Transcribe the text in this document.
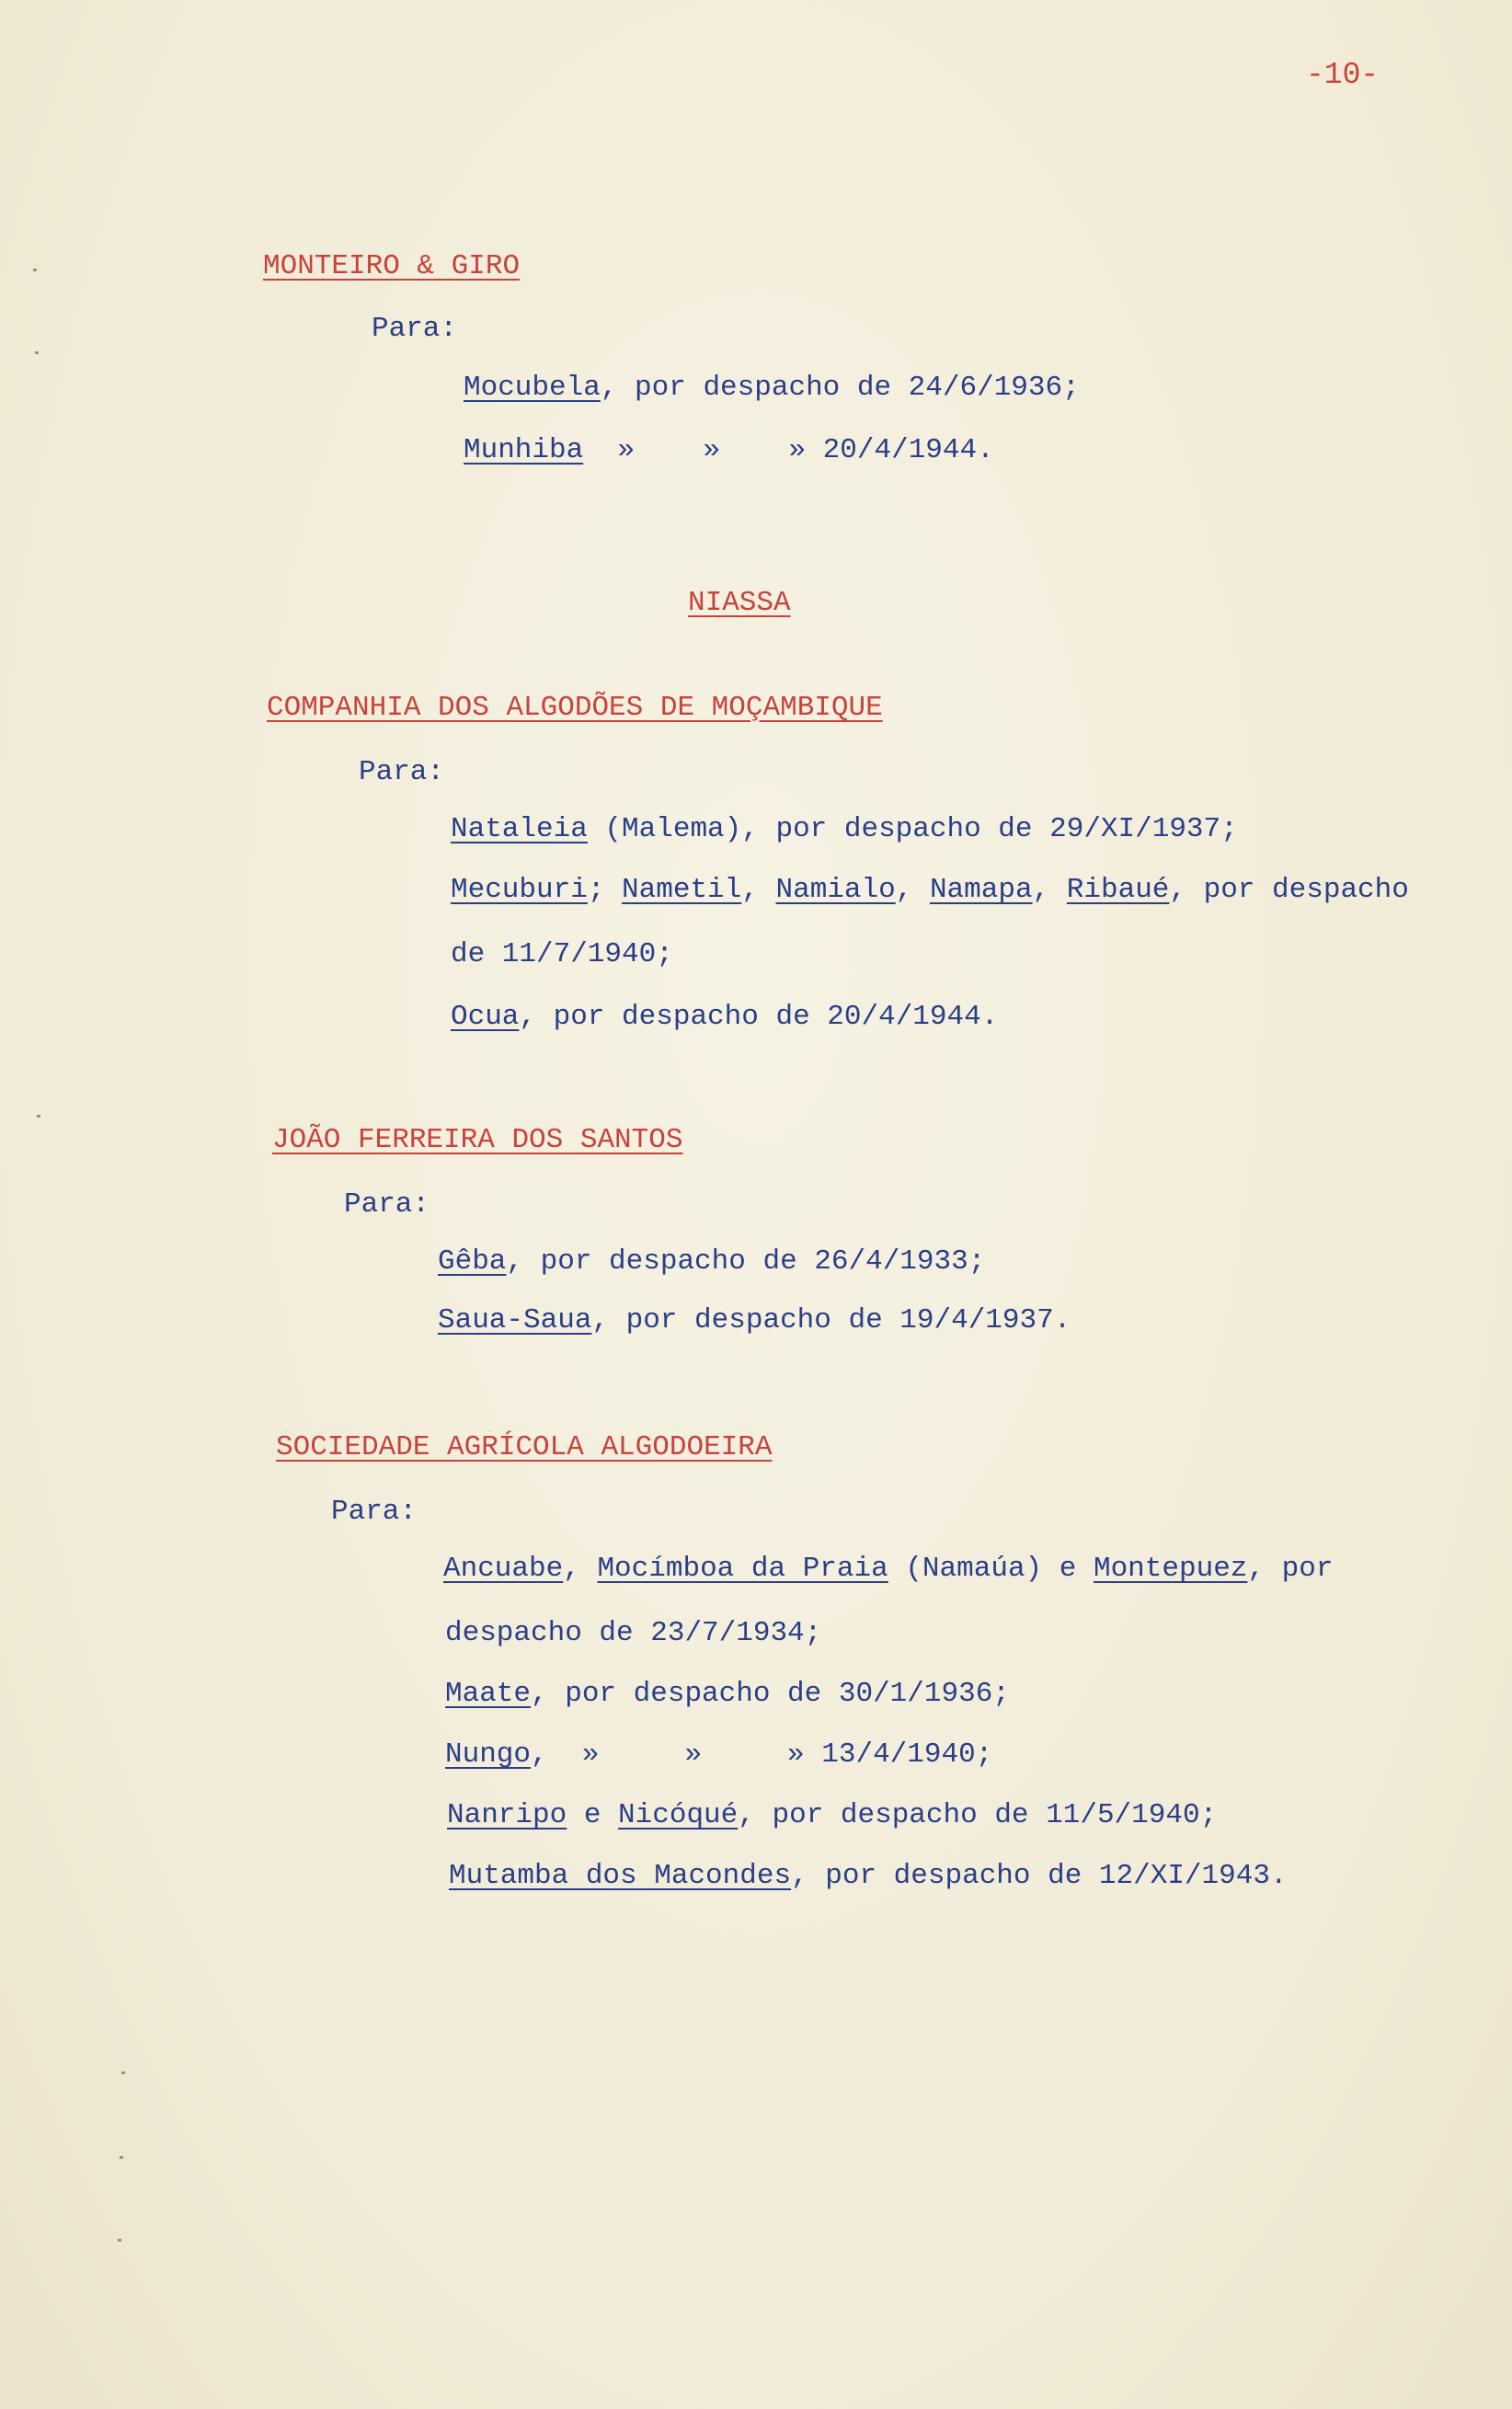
-10-
MONTEIRO & GIRO
Para:
Mocubela, por despacho de 24/6/1936;
Munhiba  »    »    » 20/4/1944.
NIASSA
COMPANHIA DOS ALGODÕES DE MOÇAMBIQUE
Para:
Nataleia (Malema), por despacho de 29/XI/1937;
Mecuburi; Nametil, Namialo, Namapa, Ribaué, por despacho
de 11/7/1940;
Ocua, por despacho de 20/4/1944.
JOÃO FERREIRA DOS SANTOS
Para:
Gêba, por despacho de 26/4/1933;
Saua-Saua, por despacho de 19/4/1937.
SOCIEDADE AGRÍCOLA ALGODOEIRA
Para:
Ancuabe, Mocímboa da Praia (Namaúa) e Montepuez, por
despacho de 23/7/1934;
Maate, por despacho de 30/1/1936;
Nungo,  »     »     » 13/4/1940;
Nanripo e Nicóqué, por despacho de 11/5/1940;
Mutamba dos Macondes, por despacho de 12/XI/1943.
